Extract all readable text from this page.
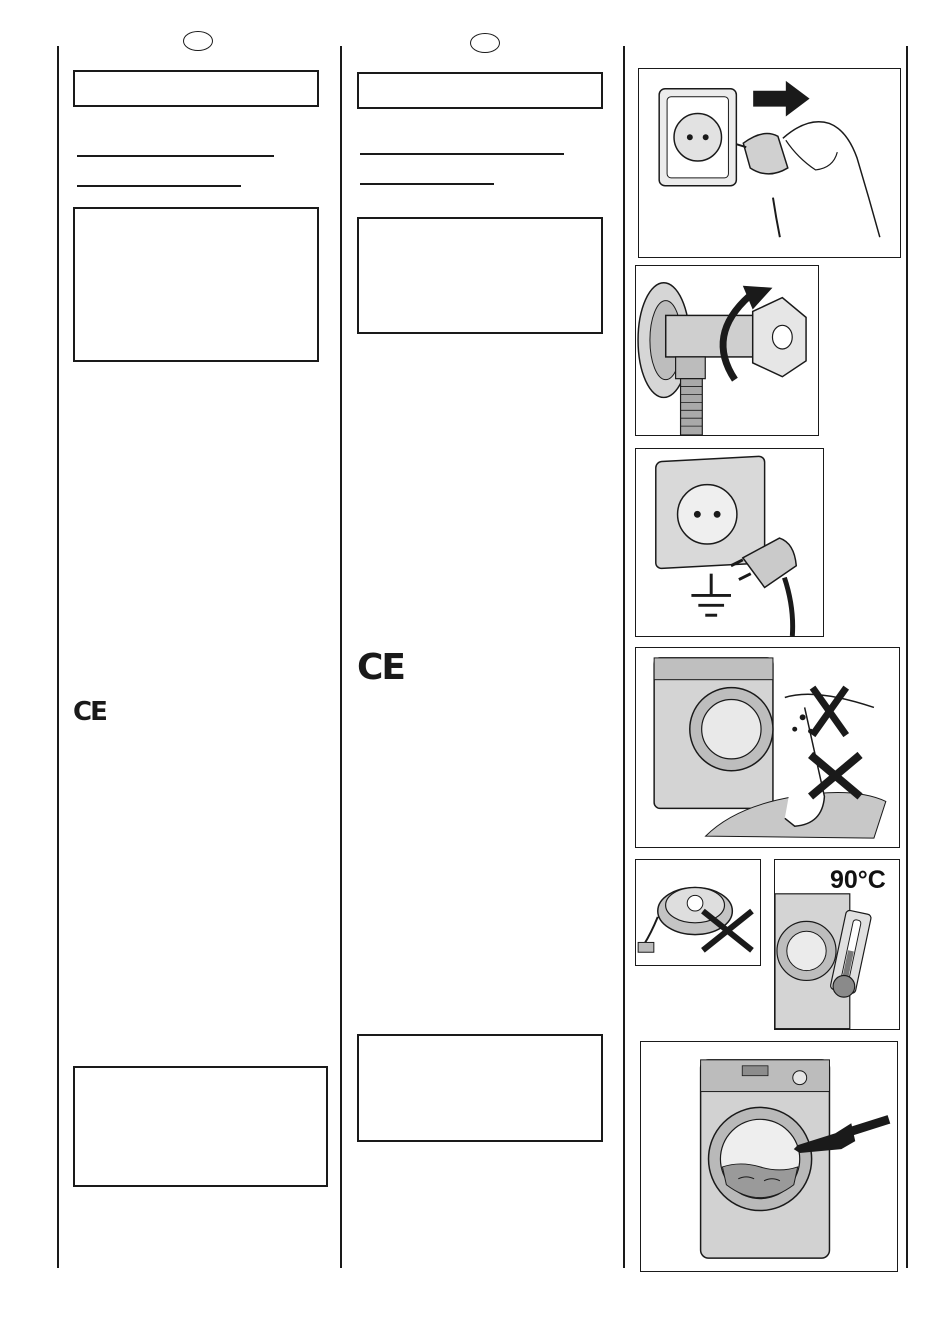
CE
CE
90°C
